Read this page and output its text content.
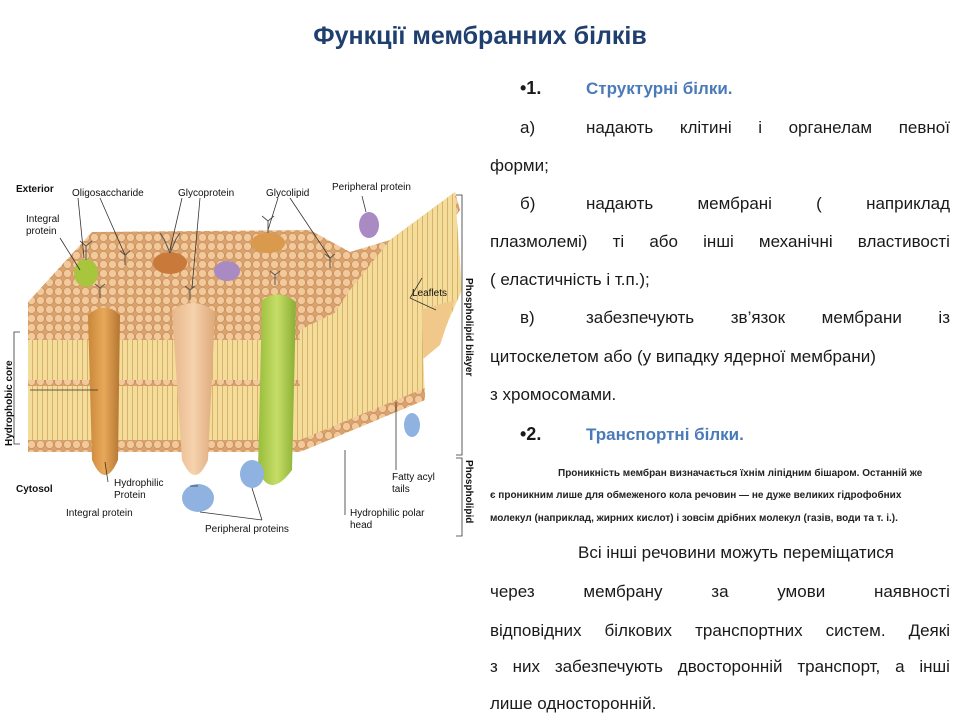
Функції мембранних білків
Exterior Oligosaccharide	Glycoprotein	Glycolipid
Peripheral protein
Integral
protein
Leaflets Phospholipid bilayer
Phospholipid
Hydrophobic core
Cytosol
Hydrophilic
Protein
Integral protein
Peripheral proteins
Fatty acyl
tails
Hydrophilic polar
head
•1.	Структурні білки.
а)	надають клітині і органелам певної
форми;
б)	надають	мембрані	(	наприклад
плазмолемі) ті або інші механічні властивості
( еластичність і т.п.);
в)	забезпечують зв’язок мембрани із
цитоскелетом або (у випадку ядерної мембрани)
з хромосомами.
•2.	Транспортні білки.
Проникність мембран визначається їхнім ліпідним бішаром. Останній же
є проникним лише для обмеженого кола речовин — не дуже великих гідрофобних
молекул (наприклад, жирних кислот) і зовсім дрібних молекул (газів, води та т. і.).
Всі інші речовини можуть переміщатися
через	мембрану	за	умови	наявності
відповідних білкових транспортних систем. Деякі
з них забезпечують двосторонній транспорт, а інші
лише односторонній.
